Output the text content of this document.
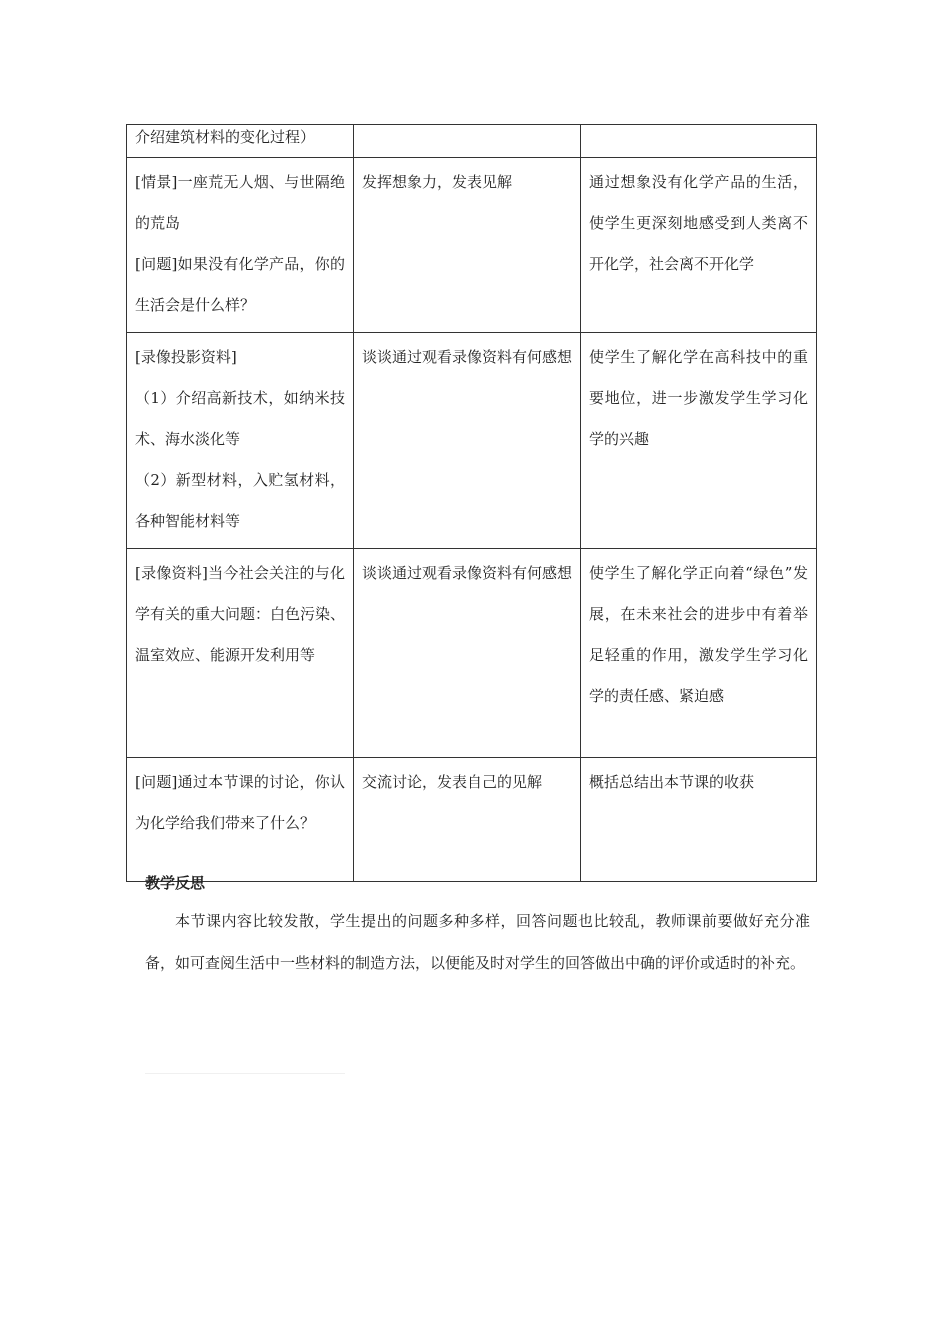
介绍建筑材料的变化过程）		

[情景]一座荒无人烟、与世隔绝的荒岛
[问题]如果没有化学产品，你的生活会是什么样？	发挥想象力，发表见解	通过想象没有化学产品的生活，使学生更深刻地感受到人类离不开化学，社会离不开化学

[录像投影资料]
（1）介绍高新技术，如纳米技术、海水淡化等
（2）新型材料，入贮氢材料，各种智能材料等	谈谈通过观看录像资料有何感想	使学生了解化学在高科技中的重要地位，进一步激发学生学习化学的兴趣

[录像资料]当今社会关注的与化学有关的重大问题：白色污染、温室效应、能源开发利用等	谈谈通过观看录像资料有何感想	使学生了解化学正向着“绿色”发展，在未来社会的进步中有着举足轻重的作用，激发学生学习化学的责任感、紧迫感

[问题]通过本节课的讨论，你认为化学给我们带来了什么？	交流讨论，发表自己的见解	概括总结出本节课的收获
教学反思
本节课内容比较发散，学生提出的问题多种多样，回答问题也比较乱，教师课前要做好充分准备，如可查阅生活中一些材料的制造方法，以便能及时对学生的回答做出中确的评价或适时的补充。
